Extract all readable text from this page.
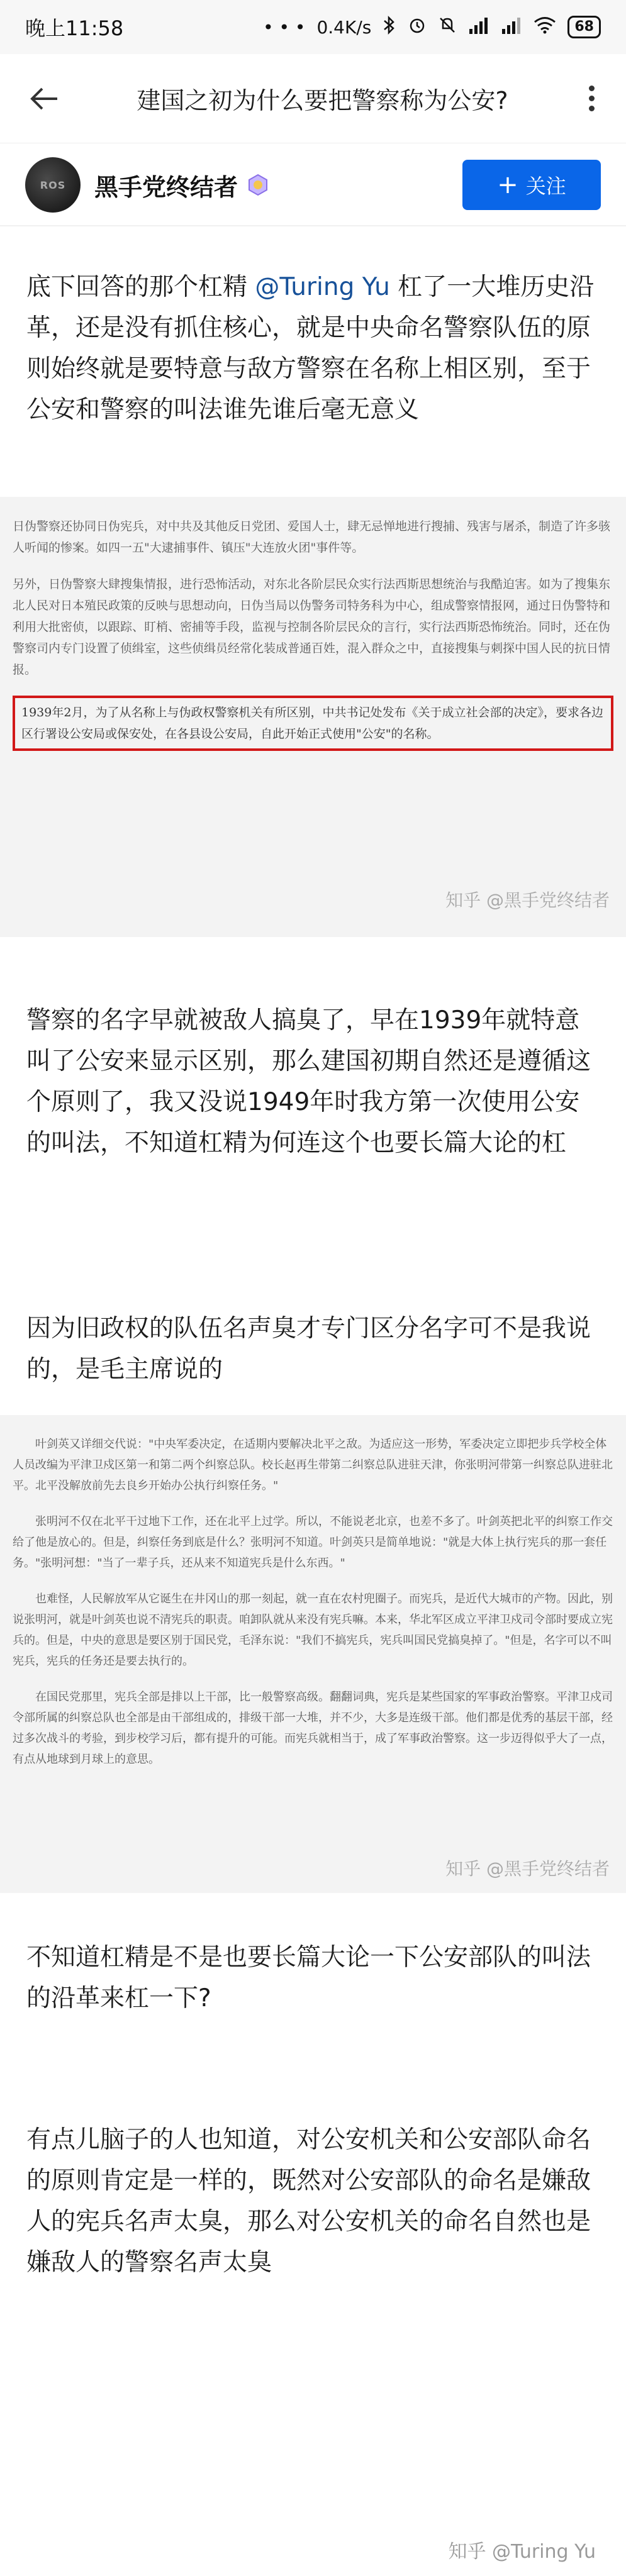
晚上11:58	• • • 0.4K/s	68
建国之初为什么要把警察称为公安?
ROS 黑手党终结者	+ 关注
底下回答的那个杠精 @Turing Yu 杠了一大堆历史沿革，还是没有抓住核心，就是中央命名警察队伍的原则始终就是要特意与敌方警察在名称上相区别，至于公安和警察的叫法谁先谁后毫无意义

日伪警察还协同日伪宪兵，对中共及其他反日党团、爱国人士，肆无忌惮地进行搜捕、残害与屠杀，制造了许多骇人听闻的惨案。如四一五"大逮捕事件、镇压"大连放火团"事件等。

另外，日伪警察大肆搜集情报，进行恐怖活动，对东北各阶层民众实行法西斯思想统治与我酷迫害。如为了搜集东北人民对日本殖民政策的反映与思想动向，日伪当局以伪警务司特务科为中心，组成警察情报网，通过日伪警特和利用大批密侦，以跟踪、盯梢、密捕等手段，监视与控制各阶层民众的言行，实行法西斯恐怖统治。同时，还在伪警察司内专门设置了侦缉室，这些侦缉员经常化装成普通百姓，混入群众之中，直接搜集与刺探中国人民的抗日情报。

1939年2月，为了从名称上与伪政权警察机关有所区别，中共书记处发布《关于成立社会部的决定》，要求各边区行署设公安局或保安处，在各县设公安局，自此开始正式使用"公安"的名称。

知乎 @黑手党终结者
警察的名字早就被敌人搞臭了，早在1939年就特意叫了公安来显示区别，那么建国初期自然还是遵循这个原则了，我又没说1949年时我方第一次使用公安的叫法，不知道杠精为何连这个也要长篇大论的杠
因为旧政权的队伍名声臭才专门区分名字可不是我说的，是毛主席说的

叶剑英又详细交代说："中央军委决定，在适期内要解决北平之敌。为适应这一形势，军委决定立即把步兵学校全体人员改编为平津卫戍区第一和第二两个纠察总队。校长赵再生带第二纠察总队进驻天津，你张明河带第一纠察总队进驻北平。北平没解放前先去良乡开始办公执行纠察任务。"

张明河不仅在北平干过地下工作，还在北平上过学。所以，不能说老北京，也差不多了。叶剑英把北平的纠察工作交给了他是放心的。但是，纠察任务到底是什么？张明河不知道。叶剑英只是简单地说："就是大体上执行宪兵的那一套任务。"张明河想："当了一辈子兵，还从来不知道宪兵是什么东西。"

也难怪，人民解放军从它诞生在井冈山的那一刻起，就一直在农村兜圈子。而宪兵，是近代大城市的产物。因此，别说张明河，就是叶剑英也说不清宪兵的职责。咱卸队就从来没有宪兵嘛。本来，华北军区成立平津卫戍司令部时要成立宪兵的。但是，中央的意思是要区别于国民党，毛泽东说："我们不搞宪兵，宪兵叫国民党搞臭掉了。"但是，名字可以不叫宪兵，宪兵的任务还是要去执行的。

在国民党那里，宪兵全部是排以上干部，比一般警察高级。翻翻词典，宪兵是某些国家的军事政治警察。平津卫戍司令部所属的纠察总队也全部是由干部组成的，排级干部一大堆，并不少，大多是连级干部。他们都是优秀的基层干部，经过多次战斗的考验，到步校学习后，都有提升的可能。而宪兵就相当于，成了军事政治警察。这一步迈得似乎大了一点，有点从地球到月球上的意思。

知乎 @黑手党终结者
不知道杠精是不是也要长篇大论一下公安部队的叫法的沿革来杠一下?
有点儿脑子的人也知道，对公安机关和公安部队命名的原则肯定是一样的，既然对公安部队的命名是嫌敌人的宪兵名声太臭，那么对公安机关的命名自然也是嫌敌人的警察名声太臭
知乎 @Turing Yu
